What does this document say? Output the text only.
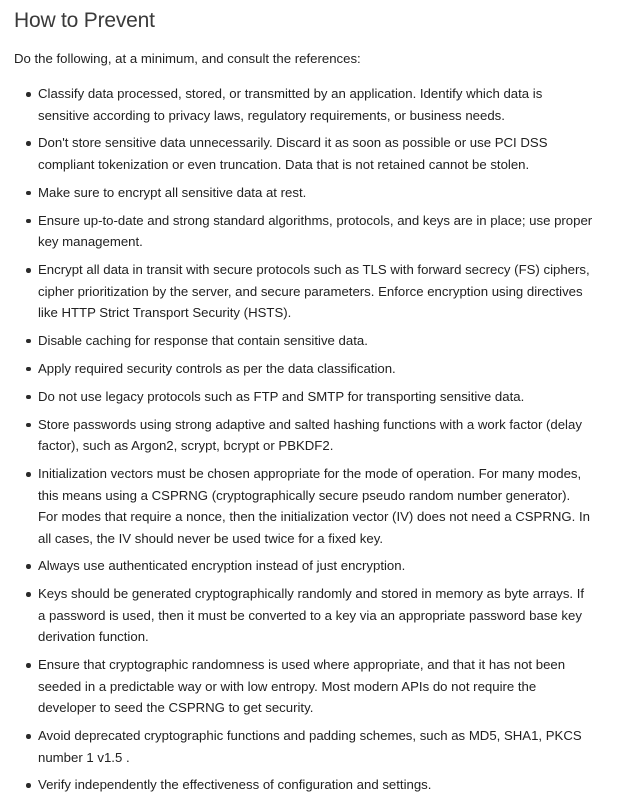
How to Prevent

Do the following, at a minimum, and consult the references:

Classify data processed, stored, or transmitted by an application. Identify which data is sensitive according to privacy laws, regulatory requirements, or business needs.
Don't store sensitive data unnecessarily. Discard it as soon as possible or use PCI DSS compliant tokenization or even truncation. Data that is not retained cannot be stolen.
Make sure to encrypt all sensitive data at rest.
Ensure up-to-date and strong standard algorithms, protocols, and keys are in place; use proper key management.
Encrypt all data in transit with secure protocols such as TLS with forward secrecy (FS) ciphers, cipher prioritization by the server, and secure parameters. Enforce encryption using directives like HTTP Strict Transport Security (HSTS).
Disable caching for response that contain sensitive data.
Apply required security controls as per the data classification.
Do not use legacy protocols such as FTP and SMTP for transporting sensitive data.
Store passwords using strong adaptive and salted hashing functions with a work factor (delay factor), such as Argon2, scrypt, bcrypt or PBKDF2.
Initialization vectors must be chosen appropriate for the mode of operation. For many modes, this means using a CSPRNG (cryptographically secure pseudo random number generator). For modes that require a nonce, then the initialization vector (IV) does not need a CSPRNG. In all cases, the IV should never be used twice for a fixed key.
Always use authenticated encryption instead of just encryption.
Keys should be generated cryptographically randomly and stored in memory as byte arrays. If a password is used, then it must be converted to a key via an appropriate password base key derivation function.
Ensure that cryptographic randomness is used where appropriate, and that it has not been seeded in a predictable way or with low entropy. Most modern APIs do not require the developer to seed the CSPRNG to get security.
Avoid deprecated cryptographic functions and padding schemes, such as MD5, SHA1, PKCS number 1 v1.5 .
Verify independently the effectiveness of configuration and settings.
